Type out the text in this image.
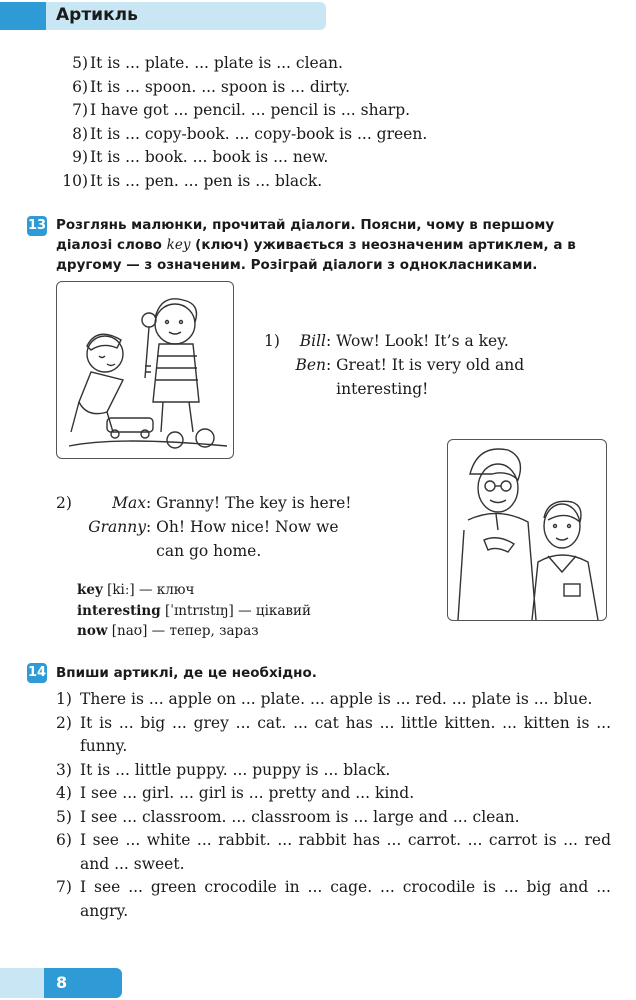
Артикль
5) It is ... plate. ... plate is ... clean.
6) It is ... spoon. ... spoon is ... dirty.
7) I have got ... pencil. ... pencil is ... sharp.
8) It is ... copy-book. ... copy-book is ... green.
9) It is ... book. ... book is ... new.
10) It is ... pen. ... pen is ... black.
13 Розглянь малюнки, прочитай діалоги. Поясни, чому в першому діалозі слово key (ключ) уживається з неозначеним артиклем, а в другому — з означеним. Розіграй діалоги з однокласниками.
1)	Bill : Wow! Look! It’s a key.
Ben : Great! It is very old and interesting!
2)	Max : Granny! The key is here!
Granny : Oh! How nice! Now we can go home.
key [kiː] — ключ
interesting [ˈɪntrɪstɪŋ] — цікавий
now [naʊ] — тепер, зараз
14 Впиши артиклі, де це необхідно.
1) There is ... apple on ... plate. ... apple is ... red. ... plate is ... blue.
2) It is ... big ... grey ... cat. ... cat has ... little kitten. ... kitten is ... funny.
3) It is ... little puppy. ... puppy is ... black.
4) I see ... girl. ... girl is ... pretty and ... kind.
5) I see ... classroom. ... classroom is ... large and ... clean.
6) I see ... white ... rabbit. ... rabbit has ... carrot. ... carrot is ... red and ... sweet.
7) I see ... green crocodile in ... cage. ... crocodile is ... big and ... angry.
8
